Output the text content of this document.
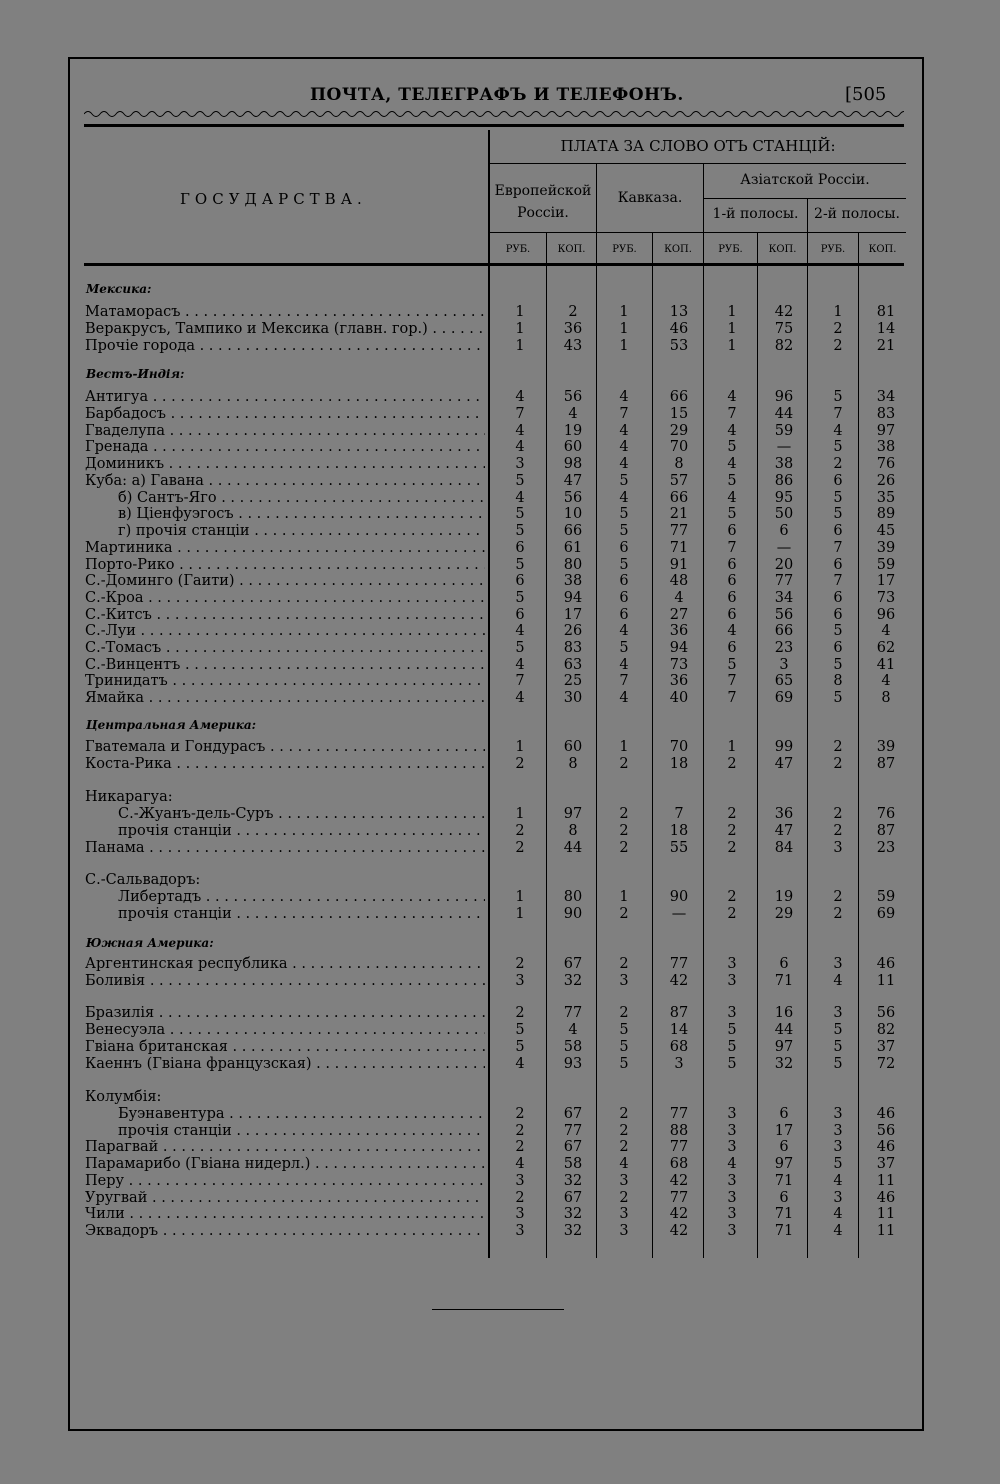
ПОЧТА, ТЕЛЕГРАФЪ И ТЕЛЕФОНЪ.	[505
ГОСУДАРСТВА.
ПЛАТА ЗА СЛОВО ОТЪ СТАНЦІЙ:
Европейской Россіи.
Кавказа.
Азіатской Россіи.
1-й полосы.	2-й полосы.
РУБ.	КОП.	РУБ.	КОП.	РУБ.	КОП.	РУБ.	КОП.
Мексика:
Вестъ-Индія:
Центральная Америка:
Южная Америка:
Матаморасъ . . .	1	2	1	13	1	42	1	81
Веракрусъ, Тампико и Мексика (главн. гор.) . . .	1	36	1	46	1	75	2	14
Прочіе города . . .	1	43	1	53	1	82	2	21
Антигуа . . .	4	56	4	66	4	96	5	34
Барбадосъ . . .	7	4	7	15	7	44	7	83
Гваделупа . . .	4	19	4	29	4	59	4	97
Гренада . . .	4	60	4	70	5	—	5	38
Доминикъ . . .	3	98	4	8	4	38	2	76
Куба: а) Гавана . . .	5	47	5	57	5	86	6	26
б) Сантъ-Яго . . .	4	56	4	66	4	95	5	35
в) Ціенфуэгосъ . . .	5	10	5	21	5	50	5	89
г) прочія станціи . . .	5	66	5	77	6	6	6	45
Мартиника . . .	6	61	6	71	7	—	7	39
Порто-Рико . . .	5	80	5	91	6	20	6	59
С.-Доминго (Гаити) . . .	6	38	6	48	6	77	7	17
С.-Кроа . . .	5	94	6	4	6	34	6	73
С.-Китсъ . . .	6	17	6	27	6	56	6	96
С.-Луи . . .	4	26	4	36	4	66	5	4
С.-Томасъ . . .	5	83	5	94	6	23	6	62
С.-Винцентъ . . .	4	63	4	73	5	3	5	41
Тринидатъ . . .	7	25	7	36	7	65	8	4
Ямайка . . .	4	30	4	40	7	69	5	8
Гватемала и Гондурасъ . . .	1	60	1	70	1	99	2	39
Коста-Рика . . .	2	8	2	18	2	47	2	87
Никарагуа:
С.-Жуанъ-дель-Суръ . . .	1	97	2	7	2	36	2	76
прочія станціи . . .	2	8	2	18	2	47	2	87
Панама . . .	2	44	2	55	2	84	3	23
С.-Сальвадоръ:
Либертадъ . . .	1	80	1	90	2	19	2	59
прочія станціи . . .	1	90	2	—	2	29	2	69
Аргентинская республика . . .	2	67	2	77	3	6	3	46
Боливія . . .	3	32	3	42	3	71	4	11
Бразилія . . .	2	77	2	87	3	16	3	56
Венесуэла . . .	5	4	5	14	5	44	5	82
Гвіана британская . . .	5	58	5	68	5	97	5	37
Каеннъ (Гвіана французская) . . .	4	93	5	3	5	32	5	72
Колумбія:
Буэнавентура . . .	2	67	2	77	3	6	3	46
прочія станціи . . .	2	77	2	88	3	17	3	56
Парагвай . . .	2	67	2	77	3	6	3	46
Парамарибо (Гвіана нидерл.) . . .	4	58	4	68	4	97	5	37
Перу . . .	3	32	3	42	3	71	4	11
Уругвай . . .	2	67	2	77	3	6	3	46
Чили . . .	3	32	3	42	3	71	4	11
Эквадоръ . . .	3	32	3	42	3	71	4	11
